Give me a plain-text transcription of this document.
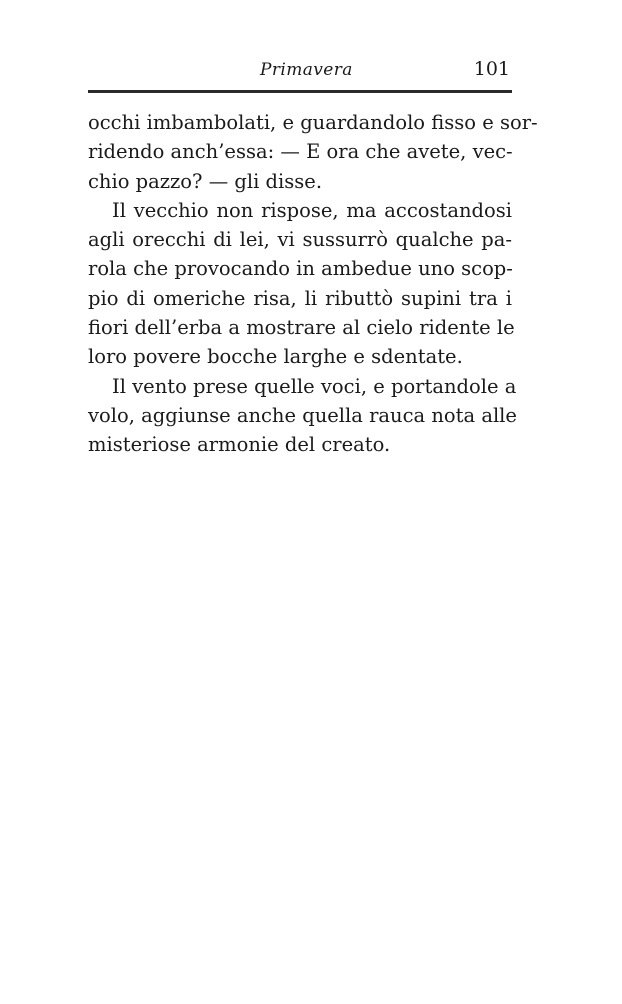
Primavera	101

occhi imbambolati, e guardandolo fisso e sor-
ridendo anch’essa: — E ora che avete, vec-
chio pazzo? — gli disse.

Il vecchio non rispose, ma accostandosi
agli orecchi di lei, vi sussurrò qualche pa-
rola che provocando in ambedue uno scop-
pio di omeriche risa, li ributtò supini tra i
fiori dell’erba a mostrare al cielo ridente le
loro povere bocche larghe e sdentate.

Il vento prese quelle voci, e portandole a
volo, aggiunse anche quella rauca nota alle
misteriose armonie del creato.
